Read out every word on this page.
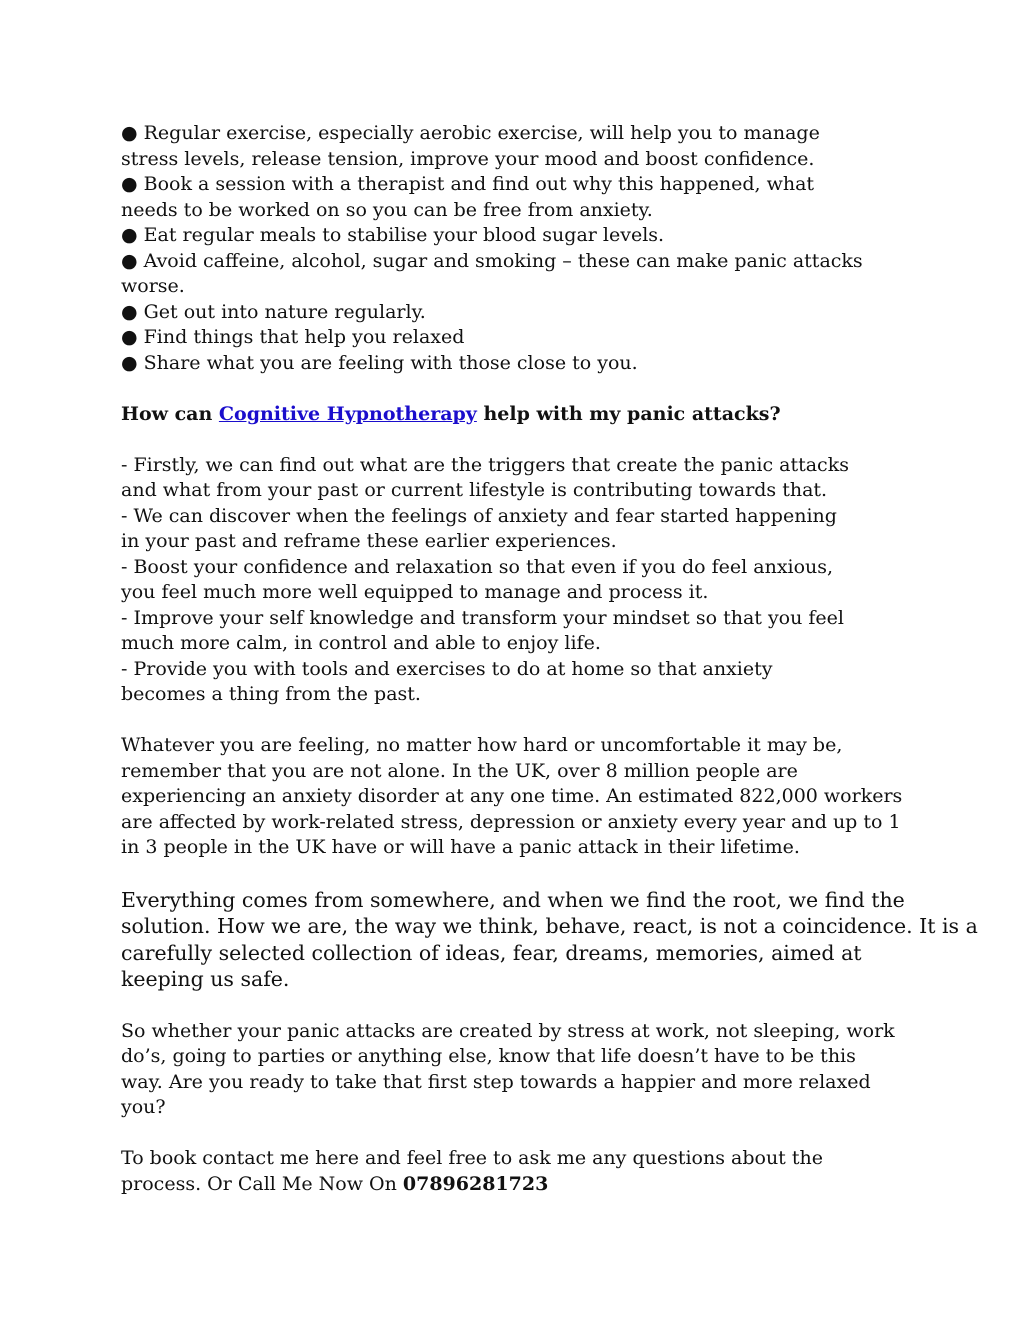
● Regular exercise, especially aerobic exercise, will help you to manage
stress levels, release tension, improve your mood and boost confidence.
● Book a session with a therapist and find out why this happened, what
needs to be worked on so you can be free from anxiety.
● Eat regular meals to stabilise your blood sugar levels.
● Avoid caffeine, alcohol, sugar and smoking – these can make panic attacks
worse.
● Get out into nature regularly.
● Find things that help you relaxed
● Share what you are feeling with those close to you.
How can Cognitive Hypnotherapy help with my panic attacks?
- Firstly, we can find out what are the triggers that create the panic attacks
and what from your past or current lifestyle is contributing towards that.
- We can discover when the feelings of anxiety and fear started happening
in your past and reframe these earlier experiences.
- Boost your confidence and relaxation so that even if you do feel anxious,
you feel much more well equipped to manage and process it.
- Improve your self knowledge and transform your mindset so that you feel
much more calm, in control and able to enjoy life.
- Provide you with tools and exercises to do at home so that anxiety
becomes a thing from the past.
Whatever you are feeling, no matter how hard or uncomfortable it may be,
remember that you are not alone. In the UK, over 8 million people are
experiencing an anxiety disorder at any one time. An estimated 822,000 workers
are affected by work-related stress, depression or anxiety every year and up to 1
in 3 people in the UK have or will have a panic attack in their lifetime.
Everything comes from somewhere, and when we find the root, we find the
solution. How we are, the way we think, behave, react, is not a coincidence. It is a
carefully selected collection of ideas, fear, dreams, memories, aimed at
keeping us safe.
So whether your panic attacks are created by stress at work, not sleeping, work
do’s, going to parties or anything else, know that life doesn’t have to be this
way. Are you ready to take that first step towards a happier and more relaxed
you?
To book contact me here and feel free to ask me any questions about the
process. Or Call Me Now On 07896281723
